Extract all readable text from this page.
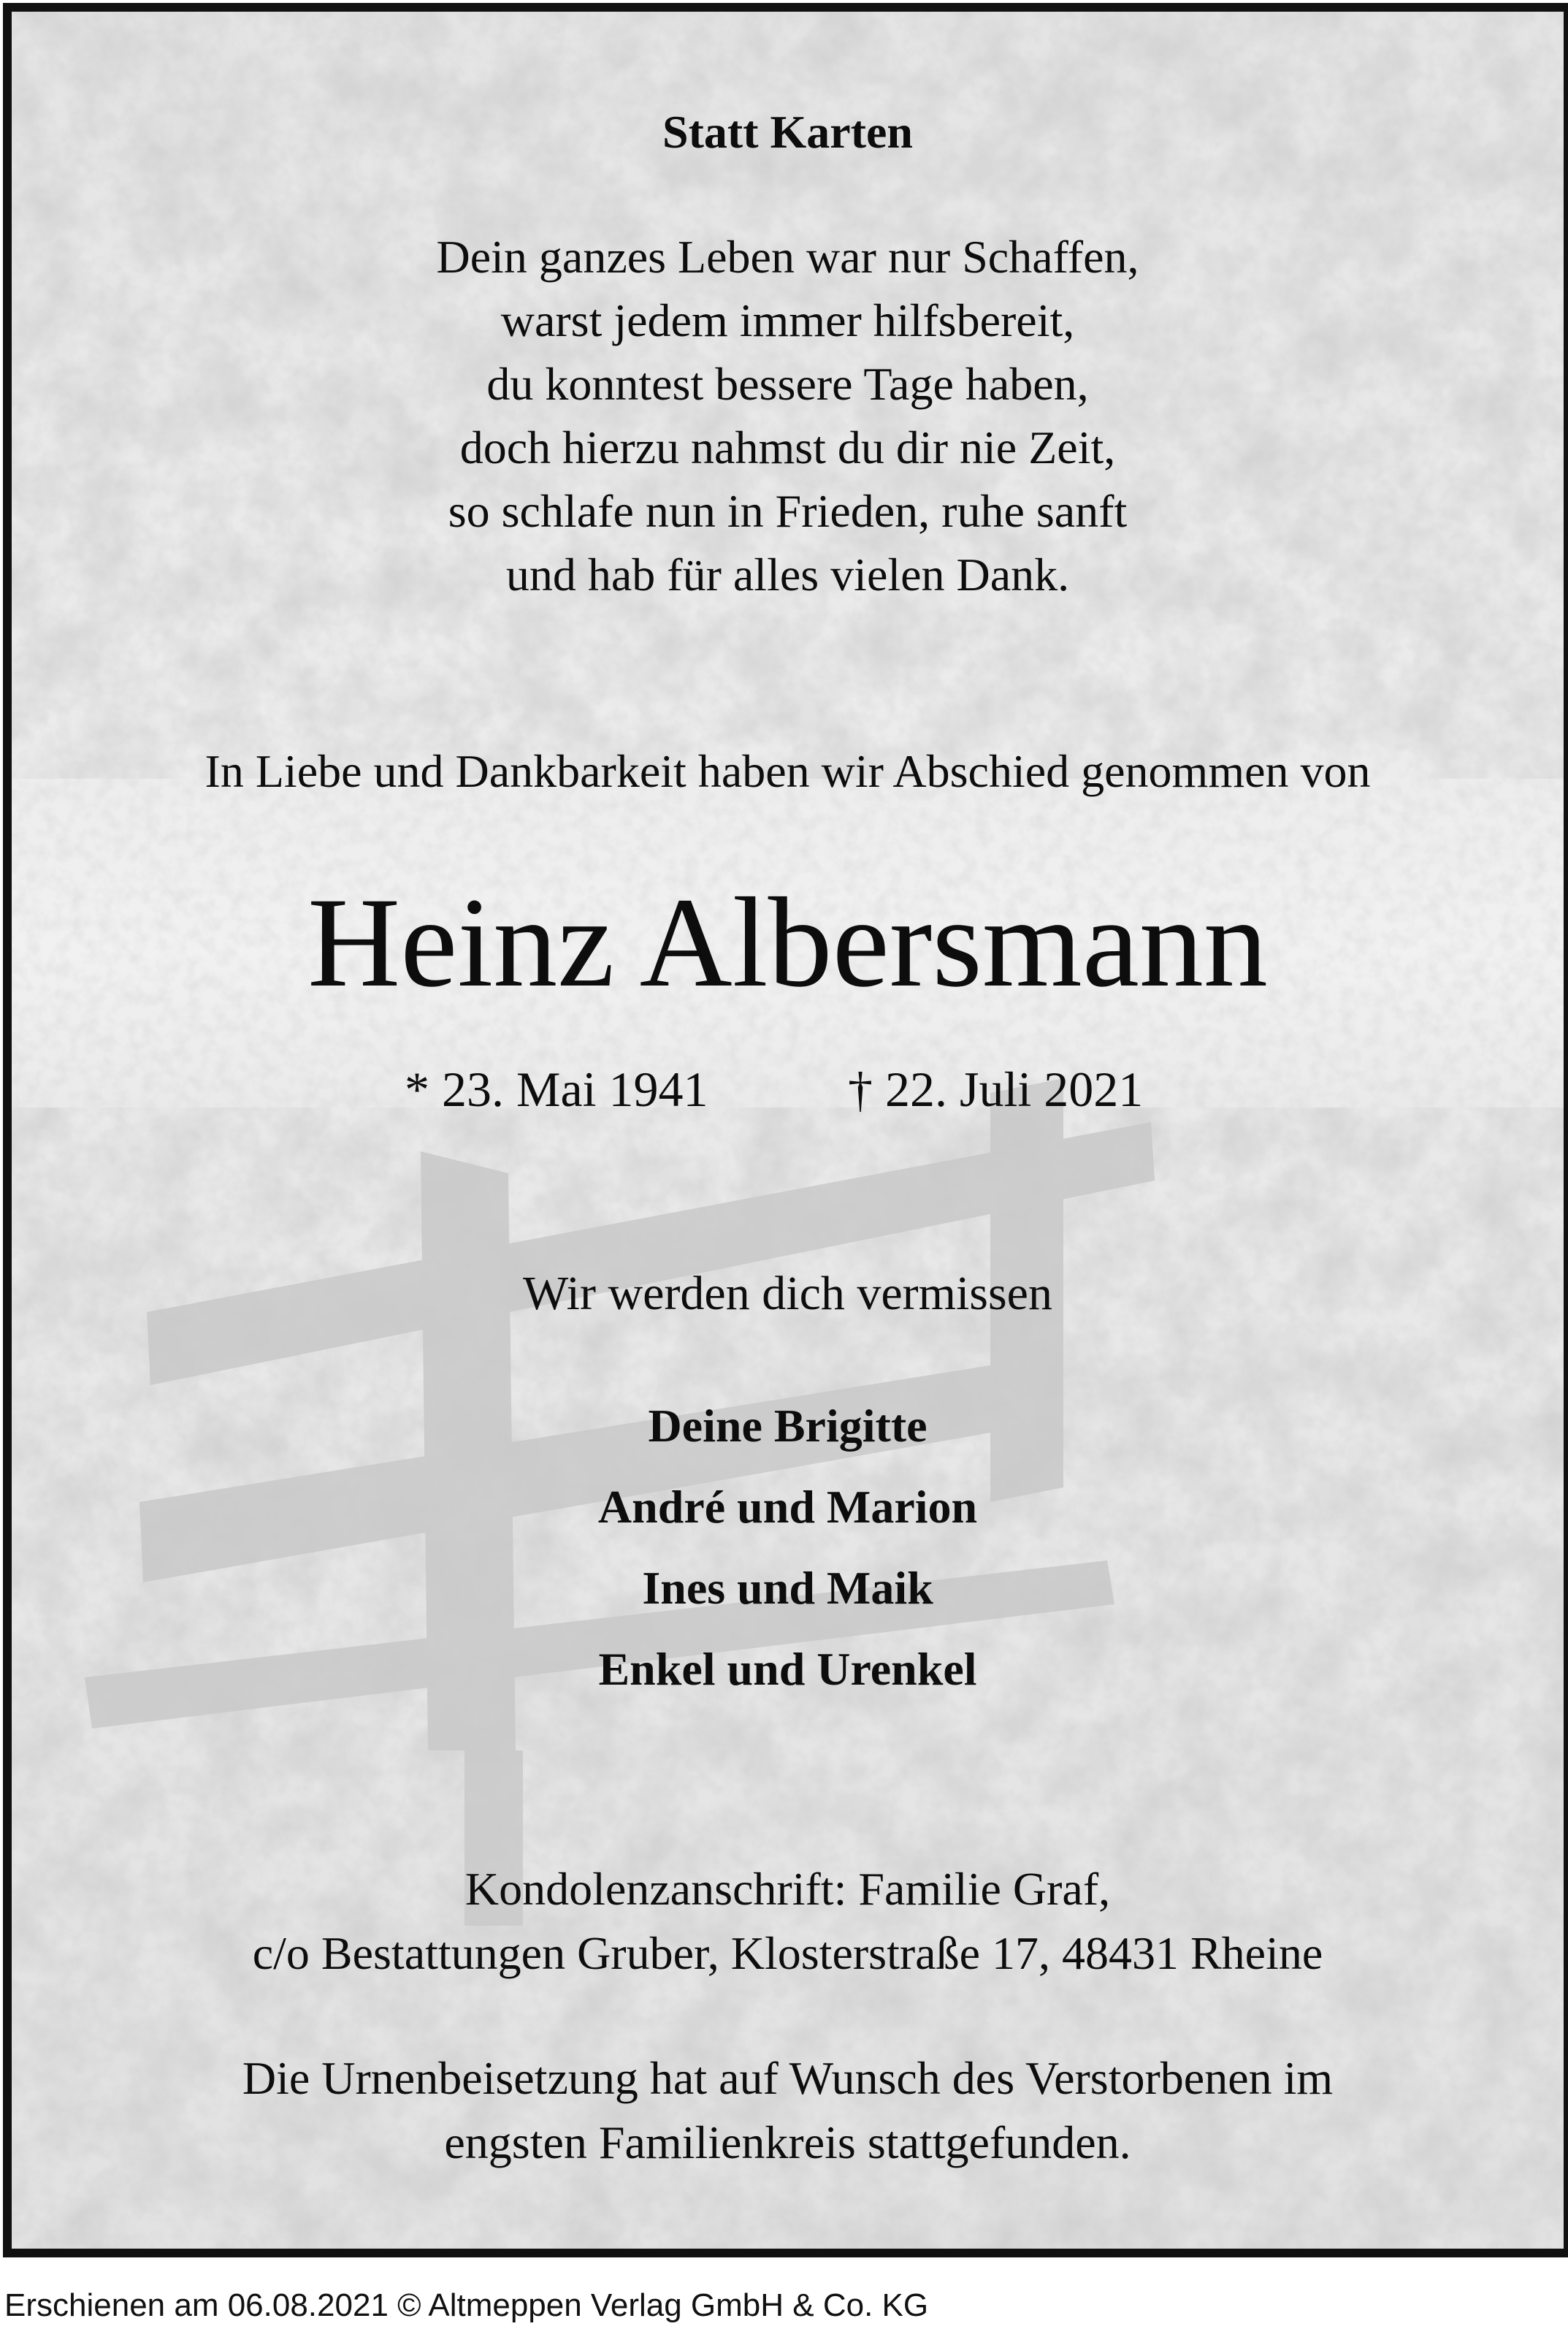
Statt Karten
Dein ganzes Leben war nur Schaffen,
warst jedem immer hilfsbereit,
du konntest bessere Tage haben,
doch hierzu nahmst du dir nie Zeit,
so schlafe nun in Frieden, ruhe sanft
und hab für alles vielen Dank.
In Liebe und Dankbarkeit haben wir Abschied genommen von
Heinz Albersmann
* 23. Mai 1941	† 22. Juli 2021
Wir werden dich vermissen
Deine Brigitte
André und Marion
Ines und Maik
Enkel und Urenkel
Kondolenzanschrift: Familie Graf,
c/o Bestattungen Gruber, Klosterstraße 17, 48431 Rheine
Die Urnenbeisetzung hat auf Wunsch des Verstorbenen im
engsten Familienkreis stattgefunden.
Erschienen am 06.08.2021 © Altmeppen Verlag GmbH & Co. KG
